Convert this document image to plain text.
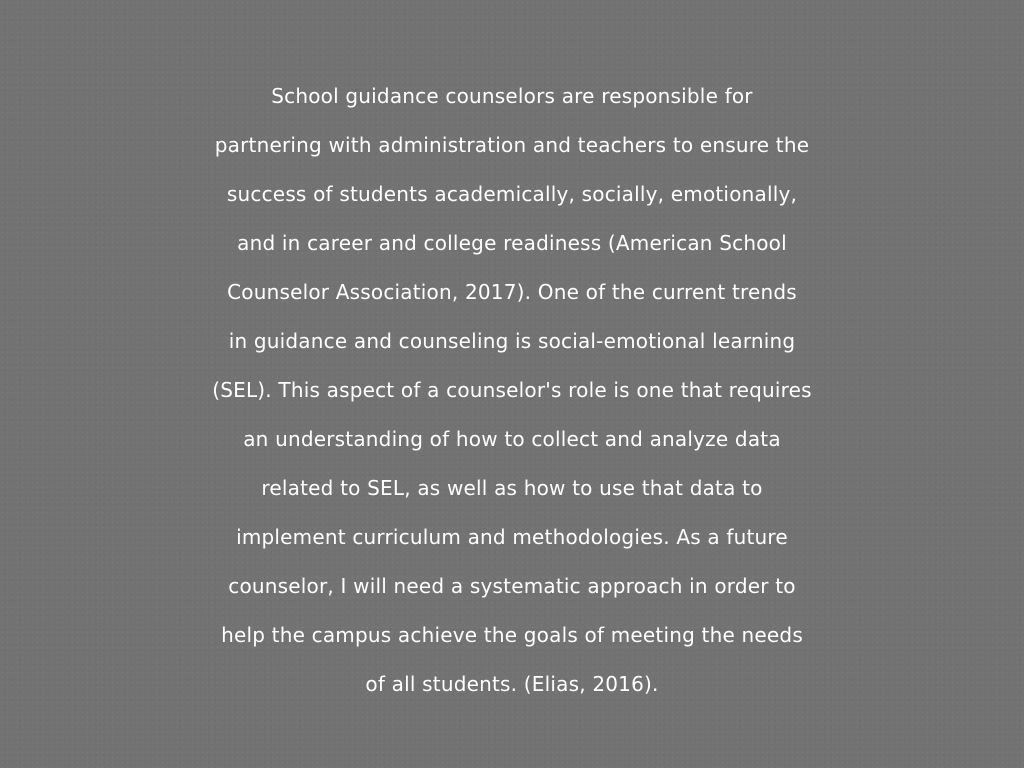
School guidance counselors are responsible for
partnering with administration and teachers to ensure the
success of students academically, socially, emotionally,
and in career and college readiness (American School
Counselor Association, 2017). One of the current trends
in guidance and counseling is social-emotional learning
(SEL). This aspect of a counselor's role is one that requires
an understanding of how to collect and analyze data
related to SEL, as well as how to use that data to
implement curriculum and methodologies. As a future
counselor, I will need a systematic approach in order to
help the campus achieve the goals of meeting the needs
of all students. (Elias, 2016).
